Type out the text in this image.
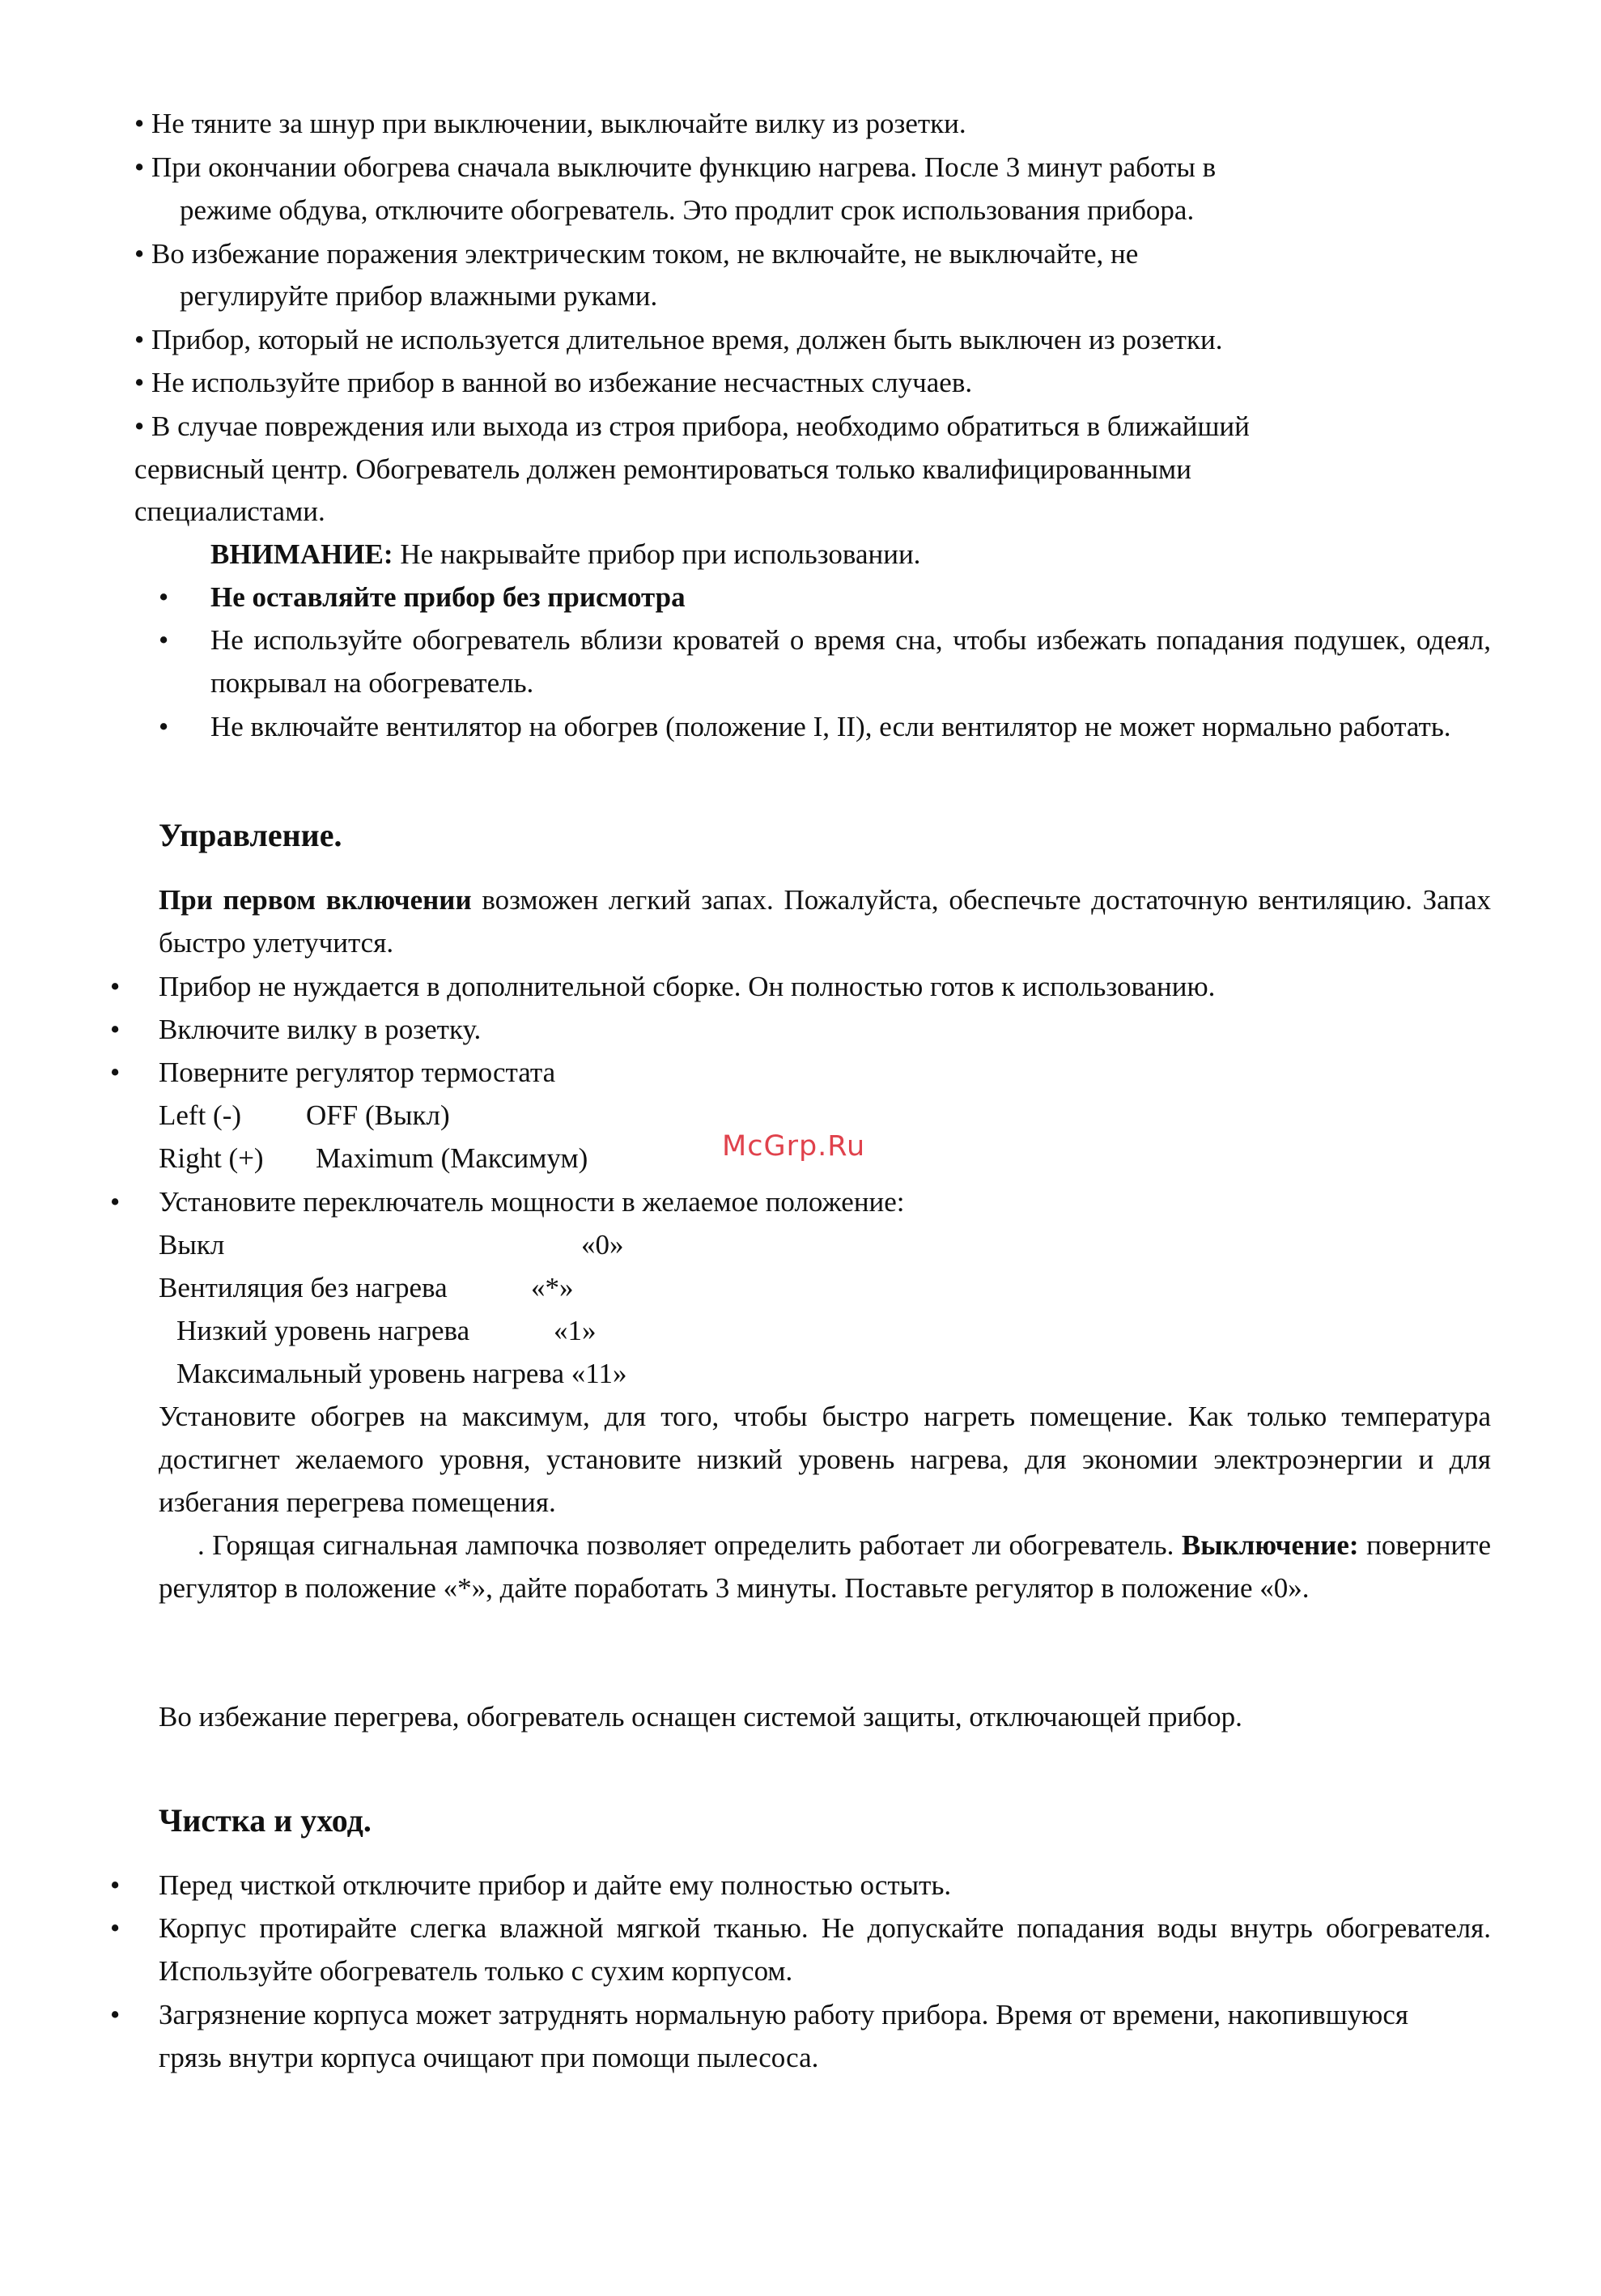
• Не тяните за шнур при выключении, выключайте вилку из розетки.
• При окончании обогрева сначала выключите функцию нагрева. После 3 минут работы в
режиме обдува, отключите обогреватель. Это продлит срок использования прибора.
• Во избежание поражения электрическим током, не включайте, не выключайте, не
регулируйте прибор влажными руками.
• Прибор, который не используется длительное время, должен быть выключен из розетки.
• Не используйте прибор в ванной во избежание несчастных случаев.
• В случае повреждения или выхода из строя прибора, необходимо обратиться в ближайший
сервисный центр. Обогреватель должен ремонтироваться только квалифицированными
специалистами.
ВНИМАНИЕ: Не накрывайте прибор при использовании.
• Не оставляйте прибор без присмотра
• Не используйте обогреватель вблизи кроватей о время сна, чтобы избежать попадания подушек, одеял, покрывал на обогреватель.
• Не включайте вентилятор на обогрев (положение I, II), если вентилятор не может нормально работать.
Управление.
При первом включении возможен легкий запах. Пожалуйста, обеспечьте достаточную вентиляцию. Запах быстро улетучится.
• Прибор не нуждается в дополнительной сборке. Он полностью готов к использованию.
• Включите вилку в розетку.
• Поверните регулятор термостата
Left (-) OFF (Выкл)
Right (+) Maximum (Максимум)
• Установите переключатель мощности в желаемое положение:
Выкл	«0»
Вентиляция без нагрева	«*»
Низкий уровень нагрева	«1»
Максимальный уровень нагрева «11»
Установите обогрев на максимум, для того, чтобы быстро нагреть помещение. Как только температура достигнет желаемого уровня, установите низкий уровень нагрева, для экономии электроэнергии и для избегания перегрева помещения.
. Горящая сигнальная лампочка позволяет определить работает ли обогреватель. Выключение: поверните регулятор в положение «*», дайте поработать 3 минуты. Поставьте регулятор в положение «0».
Во избежание перегрева, обогреватель оснащен системой защиты, отключающей прибор.
Чистка и уход.
• Перед чисткой отключите прибор и дайте ему полностью остыть.
• Корпус протирайте слегка влажной мягкой тканью. Не допускайте попадания воды внутрь обогревателя. Используйте обогреватель только с сухим корпусом.
• Загрязнение корпуса может затруднять нормальную работу прибора. Время от времени, накопившуюся грязь внутри корпуса очищают при помощи пылесоса.
McGrp.Ru
